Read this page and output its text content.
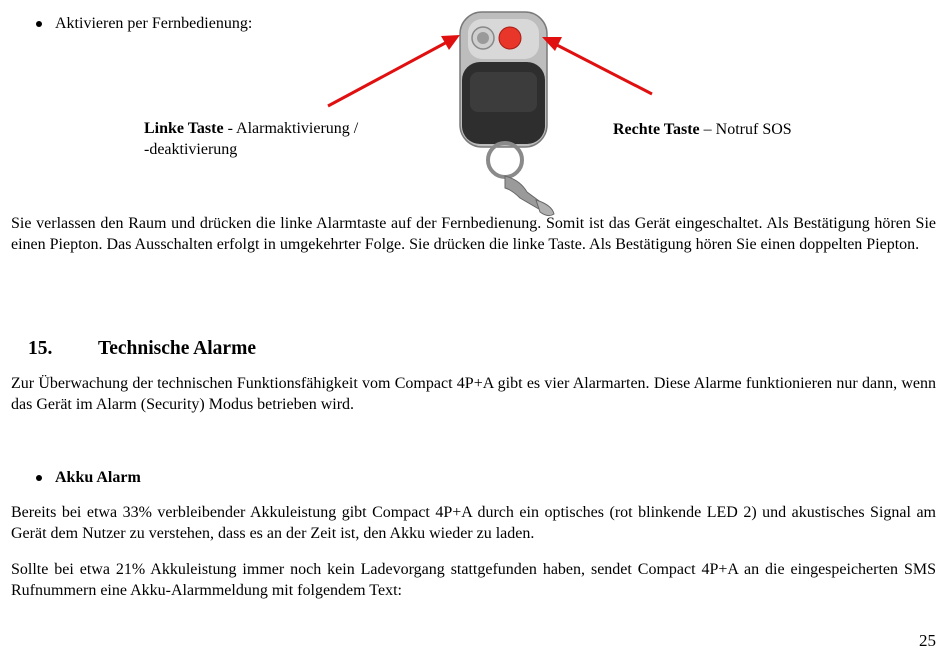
Aktivieren per Fernbedienung:
Linke Taste - Alarmaktivierung /
-deaktivierung
Rechte Taste – Notruf SOS

Sie verlassen den Raum und drücken die linke Alarmtaste auf der Fernbedienung. Somit ist das Gerät eingeschaltet. Als Bestätigung hören Sie einen Piepton. Das Ausschalten erfolgt in umgekehrter Folge. Sie drücken die linke Taste. Als Bestätigung hören Sie einen doppelten Piepton.

15. Technische Alarme

Zur Überwachung der technischen Funktionsfähigkeit vom Compact 4P+A gibt es vier Alarmarten. Diese Alarme funktionieren nur dann, wenn das Gerät im Alarm (Security) Modus betrieben wird.

Akku Alarm

Bereits bei etwa 33% verbleibender Akkuleistung gibt Compact 4P+A durch ein optisches (rot blinkende LED 2) und akustisches Signal am Gerät dem Nutzer zu verstehen, dass es an der Zeit ist, den Akku wieder zu laden.

Sollte bei etwa 21% Akkuleistung immer noch kein Ladevorgang stattgefunden haben, sendet Compact 4P+A an die eingespeicherten SMS Rufnummern eine Akku-Alarmmeldung mit folgendem Text:

25
